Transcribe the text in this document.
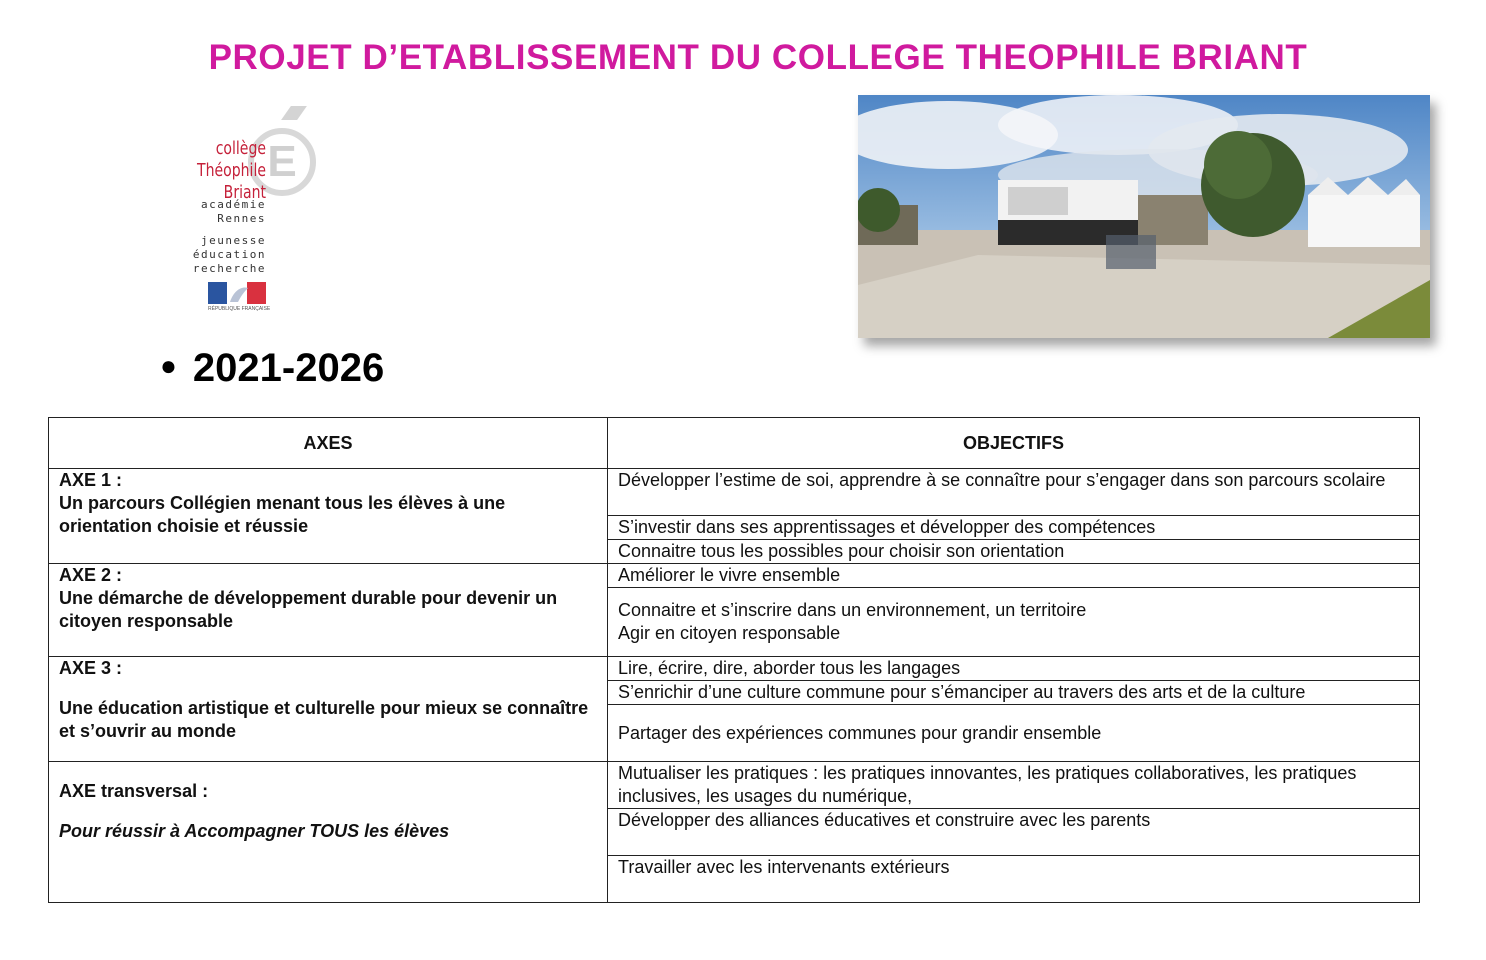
PROJET D’ETABLISSEMENT DU COLLEGE THEOPHILE BRIANT
E
collège
Théophile Briant
académie
Rennes
jeunesse
éducation
recherche
RÉPUBLIQUE FRANÇAISE
● 2021-2026
AXES	OBJECTIFS

AXE 1 :
Un parcours Collégien menant tous les élèves à une orientation choisie et réussie	Développer l’estime de soi, apprendre à se connaître pour s’engager dans son parcours scolaire
	S’investir dans ses apprentissages et développer des compétences
	Connaitre tous les possibles pour choisir son orientation

AXE 2 :
Une démarche de développement durable pour devenir un citoyen responsable	Améliorer le vivre ensemble

	Connaitre et s’inscrire dans un environnement, un territoire
Agir en citoyen responsable

AXE 3 :
Une éducation artistique et culturelle pour mieux se connaître et s’ouvrir au monde	Lire, écrire, dire, aborder tous les langages
	S’enrichir d’une culture commune pour s’émanciper au travers des arts et de la culture
	Partager des expériences communes pour grandir ensemble

AXE transversal :
Pour réussir à Accompagner TOUS les élèves	Mutualiser les pratiques : les pratiques innovantes, les pratiques collaboratives, les pratiques inclusives, les usages du numérique,
	Développer des alliances éducatives et construire avec les parents
	Travailler avec les intervenants extérieurs
